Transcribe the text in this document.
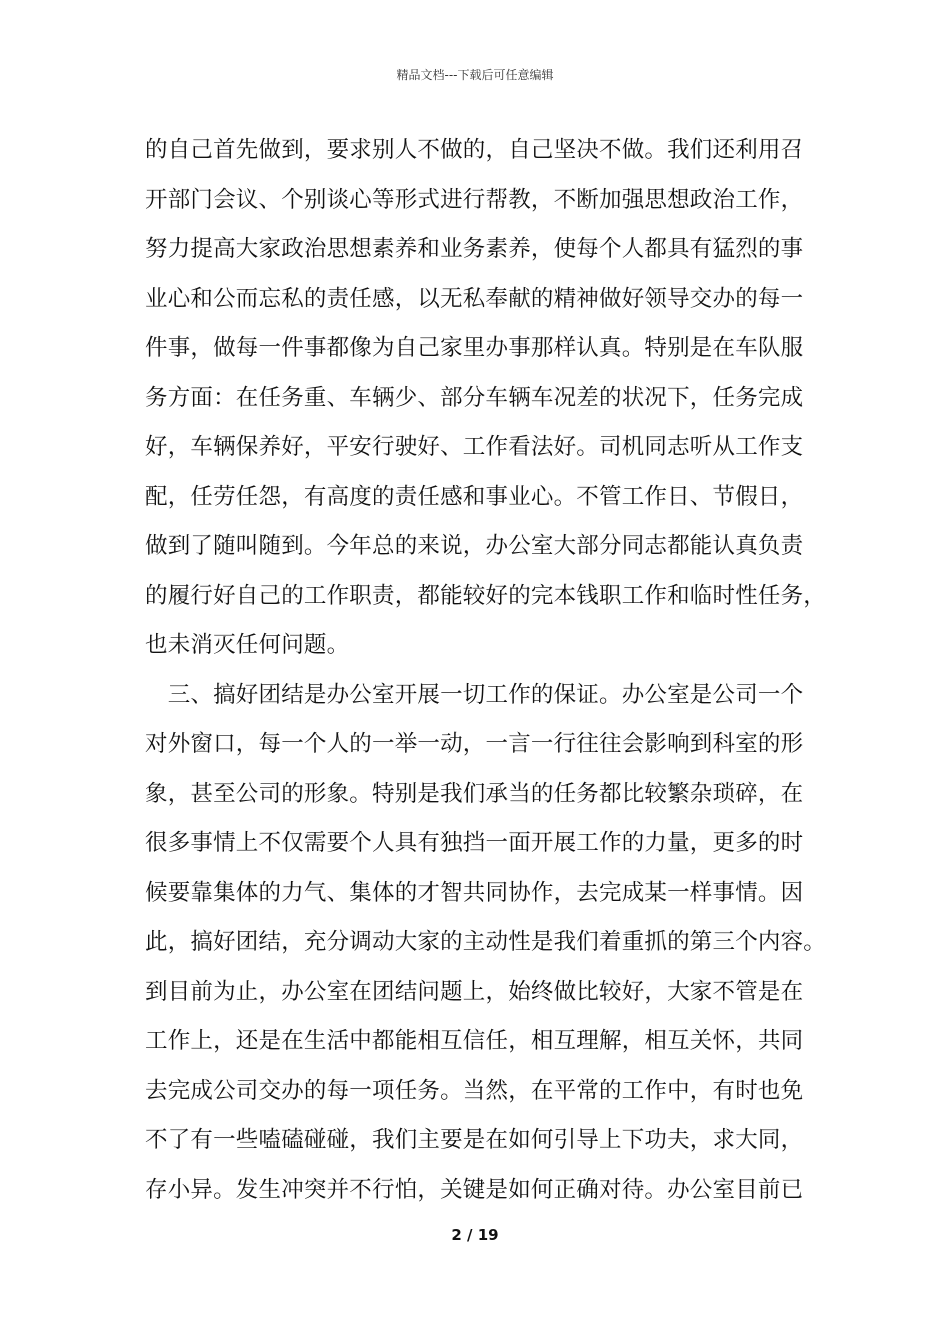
精品文档---下载后可任意编辑
的自己首先做到，要求别人不做的，自己坚决不做。我们还利用召
开部门会议、个别谈心等形式进行帮教，不断加强思想政治工作，
努力提高大家政治思想素养和业务素养，使每个人都具有猛烈的事
业心和公而忘私的责任感，以无私奉献的精神做好领导交办的每一
件事，做每一件事都像为自己家里办事那样认真。特别是在车队服
务方面：在任务重、车辆少、部分车辆车况差的状况下，任务完成
好，车辆保养好，平安行驶好、工作看法好。司机同志听从工作支
配，任劳任怨，有高度的责任感和事业心。不管工作日、节假日，
做到了随叫随到。今年总的来说，办公室大部分同志都能认真负责
的履行好自己的工作职责，都能较好的完本钱职工作和临时性任务，
也未消灭任何问题。
　三、搞好团结是办公室开展一切工作的保证。办公室是公司一个
对外窗口，每一个人的一举一动，一言一行往往会影响到科室的形
象，甚至公司的形象。特别是我们承当的任务都比较繁杂琐碎，在
很多事情上不仅需要个人具有独挡一面开展工作的力量，更多的时
候要靠集体的力气、集体的才智共同协作，去完成某一样事情。因
此，搞好团结，充分调动大家的主动性是我们着重抓的第三个内容。
到目前为止，办公室在团结问题上，始终做比较好，大家不管是在
工作上，还是在生活中都能相互信任，相互理解，相互关怀，共同
去完成公司交办的每一项任务。当然，在平常的工作中，有时也免
不了有一些嗑磕碰碰，我们主要是在如何引导上下功夫，求大同，
存小异。发生冲突并不行怕，关键是如何正确对待。办公室目前已
2 / 19
